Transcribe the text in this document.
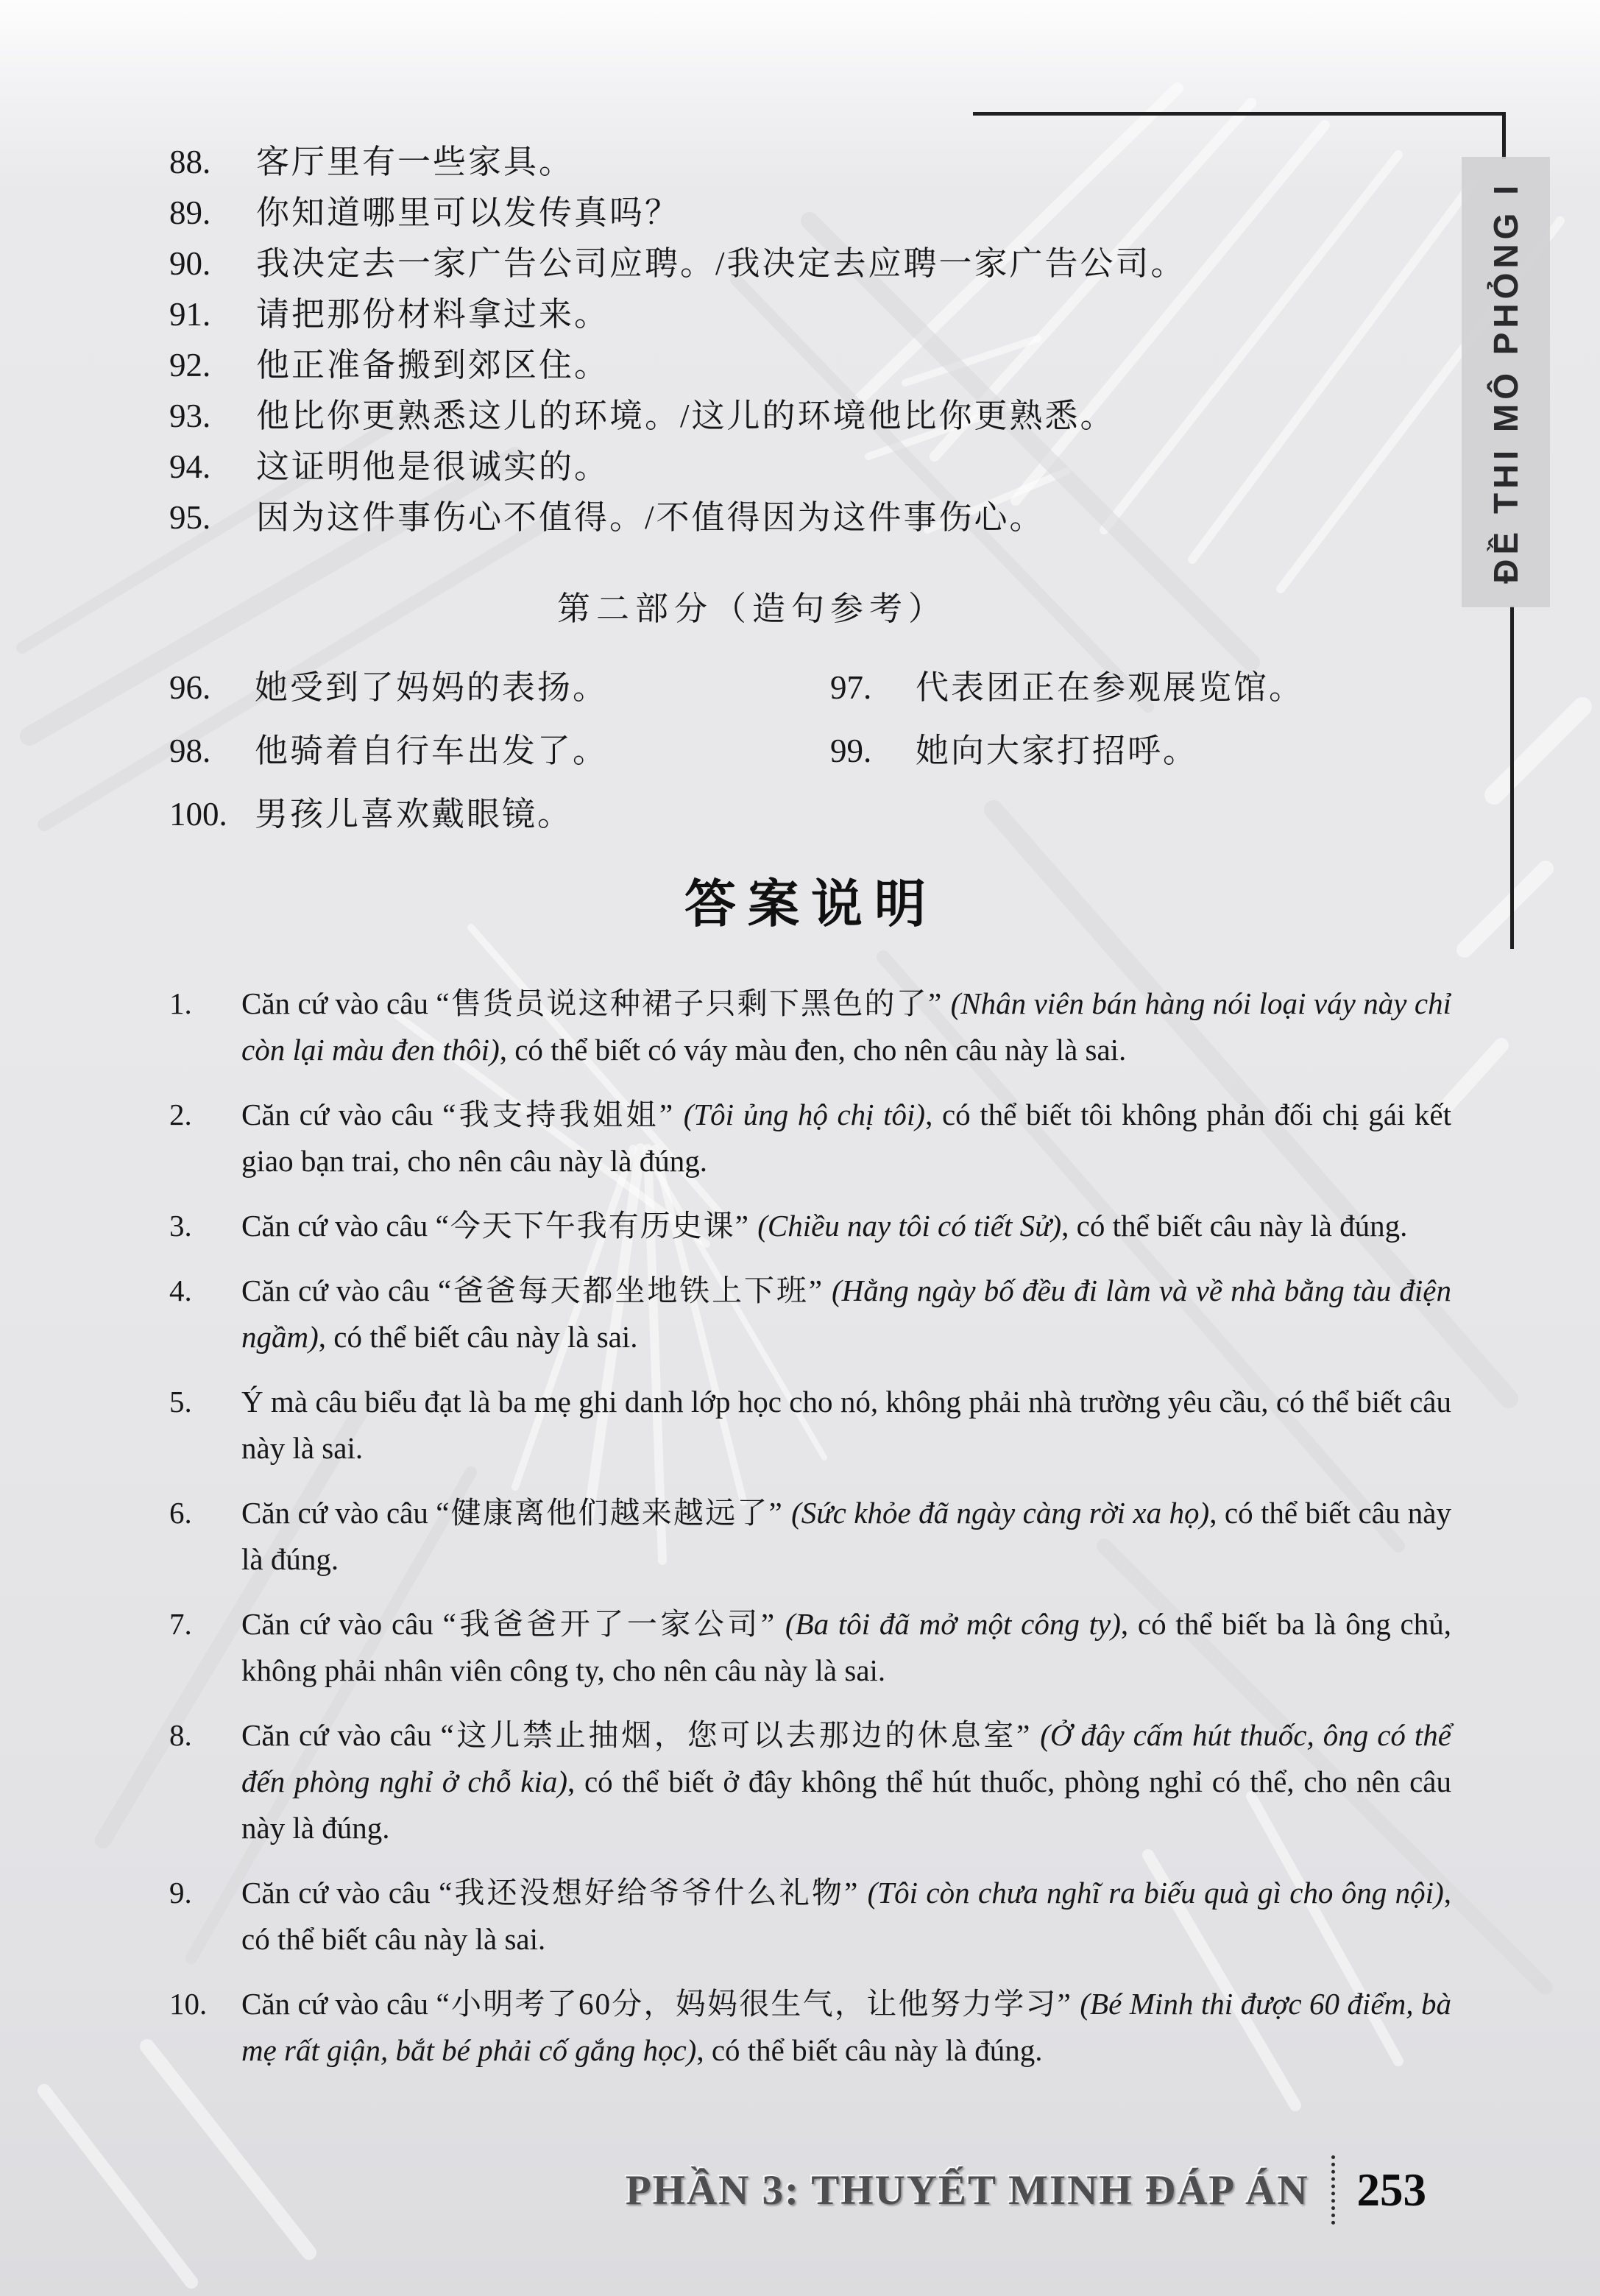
ĐỀ THI MÔ PHỎNG I
88.	客厅里有一些家具。
89.	你知道哪里可以发传真吗？
90.	我决定去一家广告公司应聘。/我决定去应聘一家广告公司。
91.	请把那份材料拿过来。
92.	他正准备搬到郊区住。
93.	他比你更熟悉这儿的环境。/这儿的环境他比你更熟悉。
94.	这证明他是很诚实的。
95.	因为这件事伤心不值得。/不值得因为这件事伤心。
第二部分（造句参考）
96.	她受到了妈妈的表扬。	97.	代表团正在参观展览馆。
98.	他骑着自行车出发了。	99.	她向大家打招呼。
100. 男孩儿喜欢戴眼镜。
答案说明
1.	Căn cứ vào câu “售货员说这种裙子只剩下黑色的了” (Nhân viên bán hàng nói loại váy này chỉ còn lại màu đen thôi), có thể biết có váy màu đen, cho nên câu này là sai.
2.	Căn cứ vào câu “我支持我姐姐” (Tôi ủng hộ chị tôi), có thể biết tôi không phản đối chị gái kết giao bạn trai, cho nên câu này là đúng.
3.	Căn cứ vào câu “今天下午我有历史课” (Chiều nay tôi có tiết Sử), có thể biết câu này là đúng.
4.	Căn cứ vào câu “爸爸每天都坐地铁上下班” (Hằng ngày bố đều đi làm và về nhà bằng tàu điện ngầm), có thể biết câu này là sai.
5.	Ý mà câu biểu đạt là ba mẹ ghi danh lớp học cho nó, không phải nhà trường yêu cầu, có thể biết câu này là sai.
6.	Căn cứ vào câu “健康离他们越来越远了” (Sức khỏe đã ngày càng rời xa họ), có thể biết câu này là đúng.
7.	Căn cứ vào câu “我爸爸开了一家公司” (Ba tôi đã mở một công ty), có thể biết ba là ông chủ, không phải nhân viên công ty, cho nên câu này là sai.
8.	Căn cứ vào câu “这儿禁止抽烟，您可以去那边的休息室” (Ở đây cấm hút thuốc, ông có thể đến phòng nghỉ ở chỗ kia), có thể biết ở đây không thể hút thuốc, phòng nghỉ có thể, cho nên câu này là đúng.
9.	Căn cứ vào câu “我还没想好给爷爷什么礼物” (Tôi còn chưa nghĩ ra biếu quà gì cho ông nội), có thể biết câu này là sai.
10.	Căn cứ vào câu “小明考了60分，妈妈很生气，让他努力学习” (Bé Minh thi được 60 điểm, bà mẹ rất giận, bắt bé phải cố gắng học), có thể biết câu này là đúng.
PHẦN 3: THUYẾT MINH ĐÁP ÁN 253
